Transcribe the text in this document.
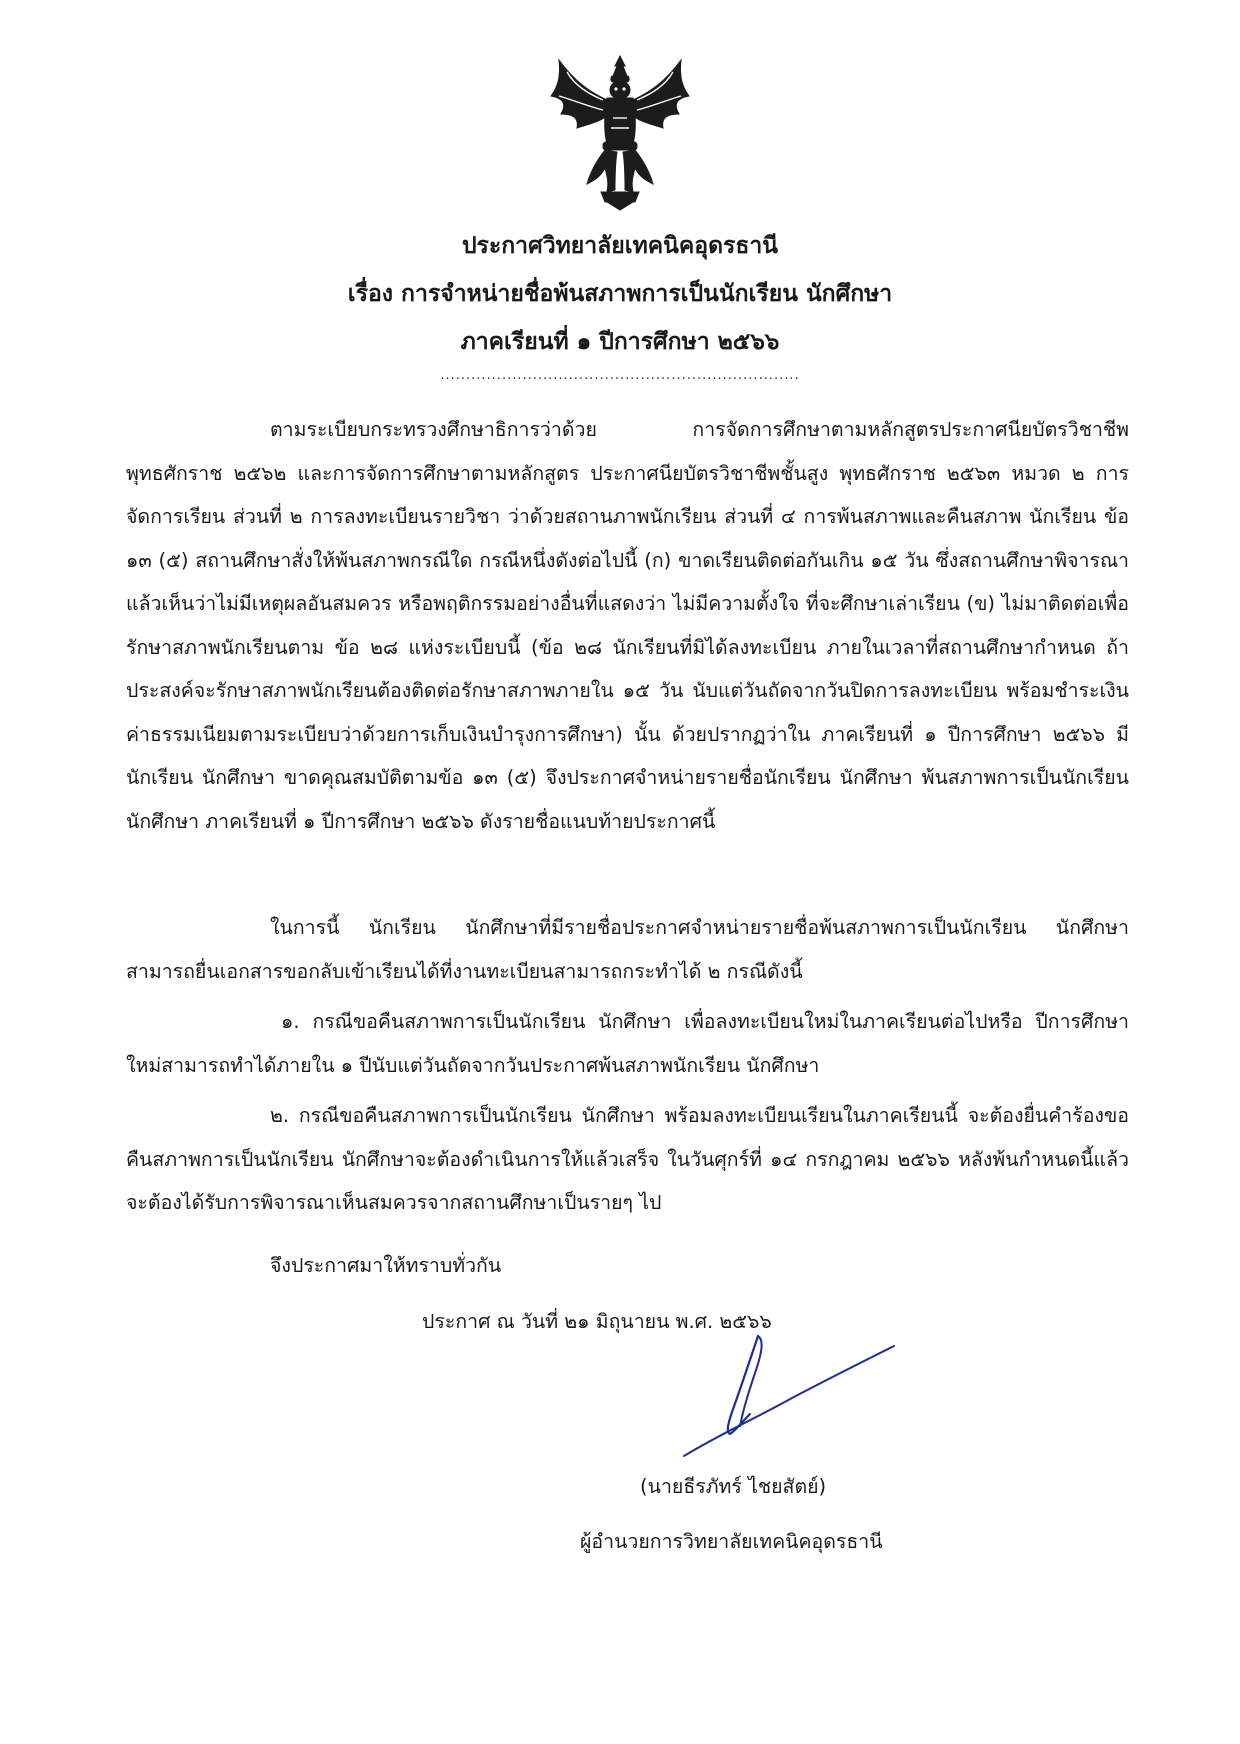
ประกาศวิทยาลัยเทคนิคอุดรธานี
เรื่อง การจำหน่ายชื่อพ้นสภาพการเป็นนักเรียน นักศึกษา
ภาคเรียนที่ ๑ ปีการศึกษา ๒๕๖๖
......................................................................
ตามระเบียบกระทรวงศึกษาธิการว่าด้วย การจัดการศึกษาตามหลักสูตรประกาศนียบัตรวิชาชีพ พุทธศักราช ๒๕๖๒ และการจัดการศึกษาตามหลักสูตร ประกาศนียบัตรวิชาชีพชั้นสูง พุทธศักราช ๒๕๖๓ หมวด ๒ การจัดการเรียน ส่วนที่ ๒ การลงทะเบียนรายวิชา ว่าด้วยสถานภาพนักเรียน ส่วนที่ ๔ การพ้นสภาพและคืนสภาพ นักเรียน ข้อ ๑๓ (๕) สถานศึกษาสั่งให้พ้นสภาพกรณีใด กรณีหนึ่งดังต่อไปนี้ (ก) ขาดเรียนติดต่อกันเกิน ๑๕ วัน ซึ่งสถานศึกษาพิจารณาแล้วเห็นว่าไม่มีเหตุผลอันสมควร หรือพฤติกรรมอย่างอื่นที่แสดงว่า ไม่มีความตั้งใจ ที่จะศึกษาเล่าเรียน (ข) ไม่มาติดต่อเพื่อรักษาสภาพนักเรียนตาม ข้อ ๒๘ แห่งระเบียบนี้ (ข้อ ๒๘ นักเรียนที่มิได้ลงทะเบียน ภายในเวลาที่สถานศึกษากำหนด ถ้าประสงค์จะรักษาสภาพนักเรียนต้องติดต่อรักษาสภาพภายใน ๑๕ วัน นับแต่วันถัดจากวันปิดการลงทะเบียน พร้อมชำระเงินค่าธรรมเนียมตามระเบียบว่าด้วยการเก็บเงินบำรุงการศึกษา) นั้น ด้วยปรากฏว่าใน ภาคเรียนที่ ๑ ปีการศึกษา ๒๕๖๖ มีนักเรียน นักศึกษา ขาดคุณสมบัติตามข้อ ๑๓ (๕) จึงประกาศจำหน่ายรายชื่อนักเรียน นักศึกษา พ้นสภาพการเป็นนักเรียน นักศึกษา ภาคเรียนที่ ๑ ปีการศึกษา ๒๕๖๖ ดังรายชื่อแนบท้ายประกาศนี้
ในการนี้ นักเรียน นักศึกษาที่มีรายชื่อประกาศจำหน่ายรายชื่อพ้นสภาพการเป็นนักเรียน นักศึกษา สามารถยื่นเอกสารขอกลับเข้าเรียนได้ที่งานทะเบียนสามารถกระทำได้ ๒ กรณีดังนี้
๑. กรณีขอคืนสภาพการเป็นนักเรียน นักศึกษา เพื่อลงทะเบียนใหม่ในภาคเรียนต่อไปหรือ ปีการศึกษาใหม่สามารถทำได้ภายใน ๑ ปีนับแต่วันถัดจากวันประกาศพ้นสภาพนักเรียน นักศึกษา
๒. กรณีขอคืนสภาพการเป็นนักเรียน นักศึกษา พร้อมลงทะเบียนเรียนในภาคเรียนนี้ จะต้องยื่นคำร้องขอคืนสภาพการเป็นนักเรียน นักศึกษาจะต้องดำเนินการให้แล้วเสร็จ ในวันศุกร์ที่ ๑๔ กรกฎาคม ๒๕๖๖ หลังพ้นกำหนดนี้แล้ว จะต้องได้รับการพิจารณาเห็นสมควรจากสถานศึกษาเป็นรายๆ ไป
จึงประกาศมาให้ทราบทั่วกัน
ประกาศ ณ วันที่ ๒๑ มิถุนายน พ.ศ. ๒๕๖๖
(นายธีรภัทร์ ไชยสัตย์)
ผู้อำนวยการวิทยาลัยเทคนิคอุดรธานี
